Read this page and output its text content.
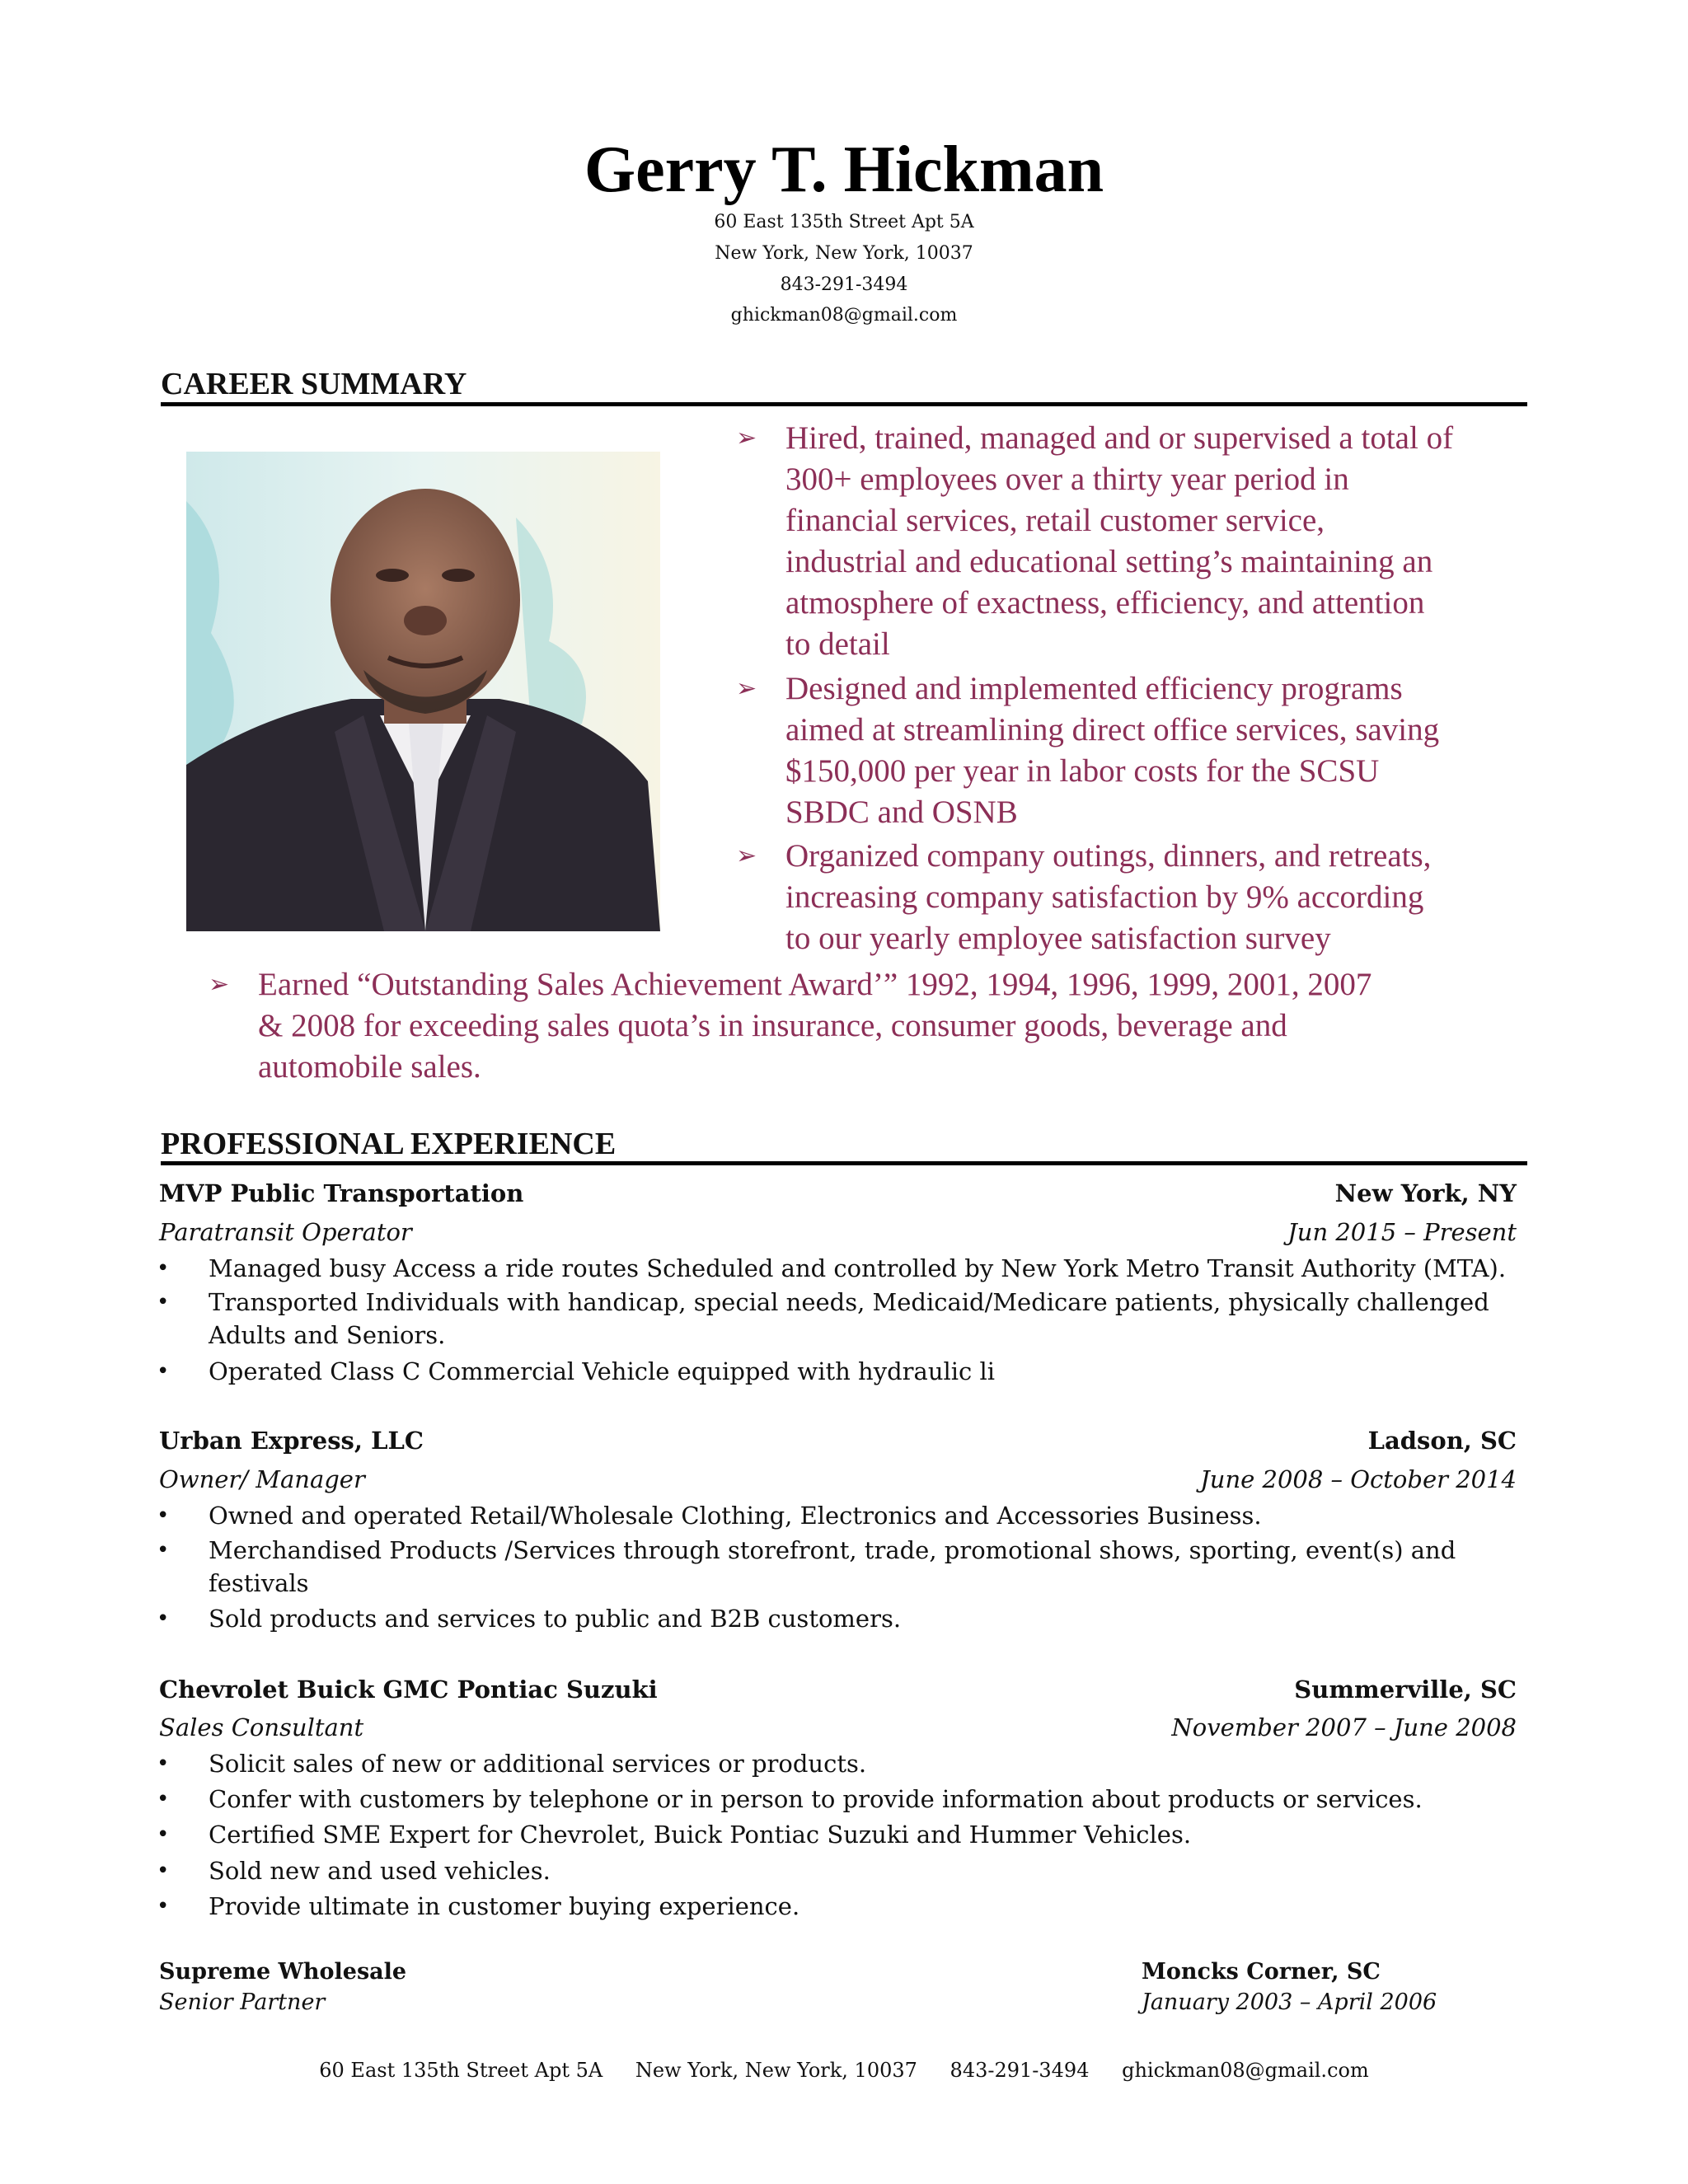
Gerry T. Hickman
60 East 135th Street Apt 5A
New York, New York, 10037
843-291-3494
ghickman08@gmail.com
CAREER SUMMARY
➢ Hired, trained, managed and or supervised a total of
300+ employees over a thirty year period in
financial services, retail customer service,
industrial and educational setting’s maintaining an
atmosphere of exactness, efficiency, and attention
to detail
➢ Designed and implemented efficiency programs
aimed at streamlining direct office services, saving
$150,000 per year in labor costs for the SCSU
SBDC and OSNB
➢ Organized company outings, dinners, and retreats,
increasing company satisfaction by 9% according
to our yearly employee satisfaction survey
➢ Earned “Outstanding Sales Achievement Award’” 1992, 1994, 1996, 1999, 2001, 2007
& 2008 for exceeding sales quota’s in insurance, consumer goods, beverage and
automobile sales.
PROFESSIONAL EXPERIENCE
MVP Public Transportation	New York, NY
Paratransit Operator	Jun 2015 – Present
• Managed busy Access a ride routes Scheduled and controlled by New York Metro Transit Authority (MTA).
• Transported Individuals with handicap, special needs, Medicaid/Medicare patients, physically challenged
Adults and Seniors.
• Operated Class C Commercial Vehicle equipped with hydraulic li
Urban Express, LLC	Ladson, SC
Owner/ Manager	June 2008 – October 2014
• Owned and operated Retail/Wholesale Clothing, Electronics and Accessories Business.
• Merchandised Products /Services through storefront, trade, promotional shows, sporting, event(s) and
festivals
• Sold products and services to public and B2B customers.
Chevrolet Buick GMC Pontiac Suzuki	Summerville, SC
Sales Consultant	November 2007 – June 2008
• Solicit sales of new or additional services or products.
• Confer with customers by telephone or in person to provide information about products or services.
• Certified SME Expert for Chevrolet, Buick Pontiac Suzuki and Hummer Vehicles.
• Sold new and used vehicles.
• Provide ultimate in customer buying experience.
Supreme Wholesale	Moncks Corner, SC
Senior Partner	January 2003 – April 2006
60 East 135th Street Apt 5A New York, New York, 10037 843-291-3494 ghickman08@gmail.com
